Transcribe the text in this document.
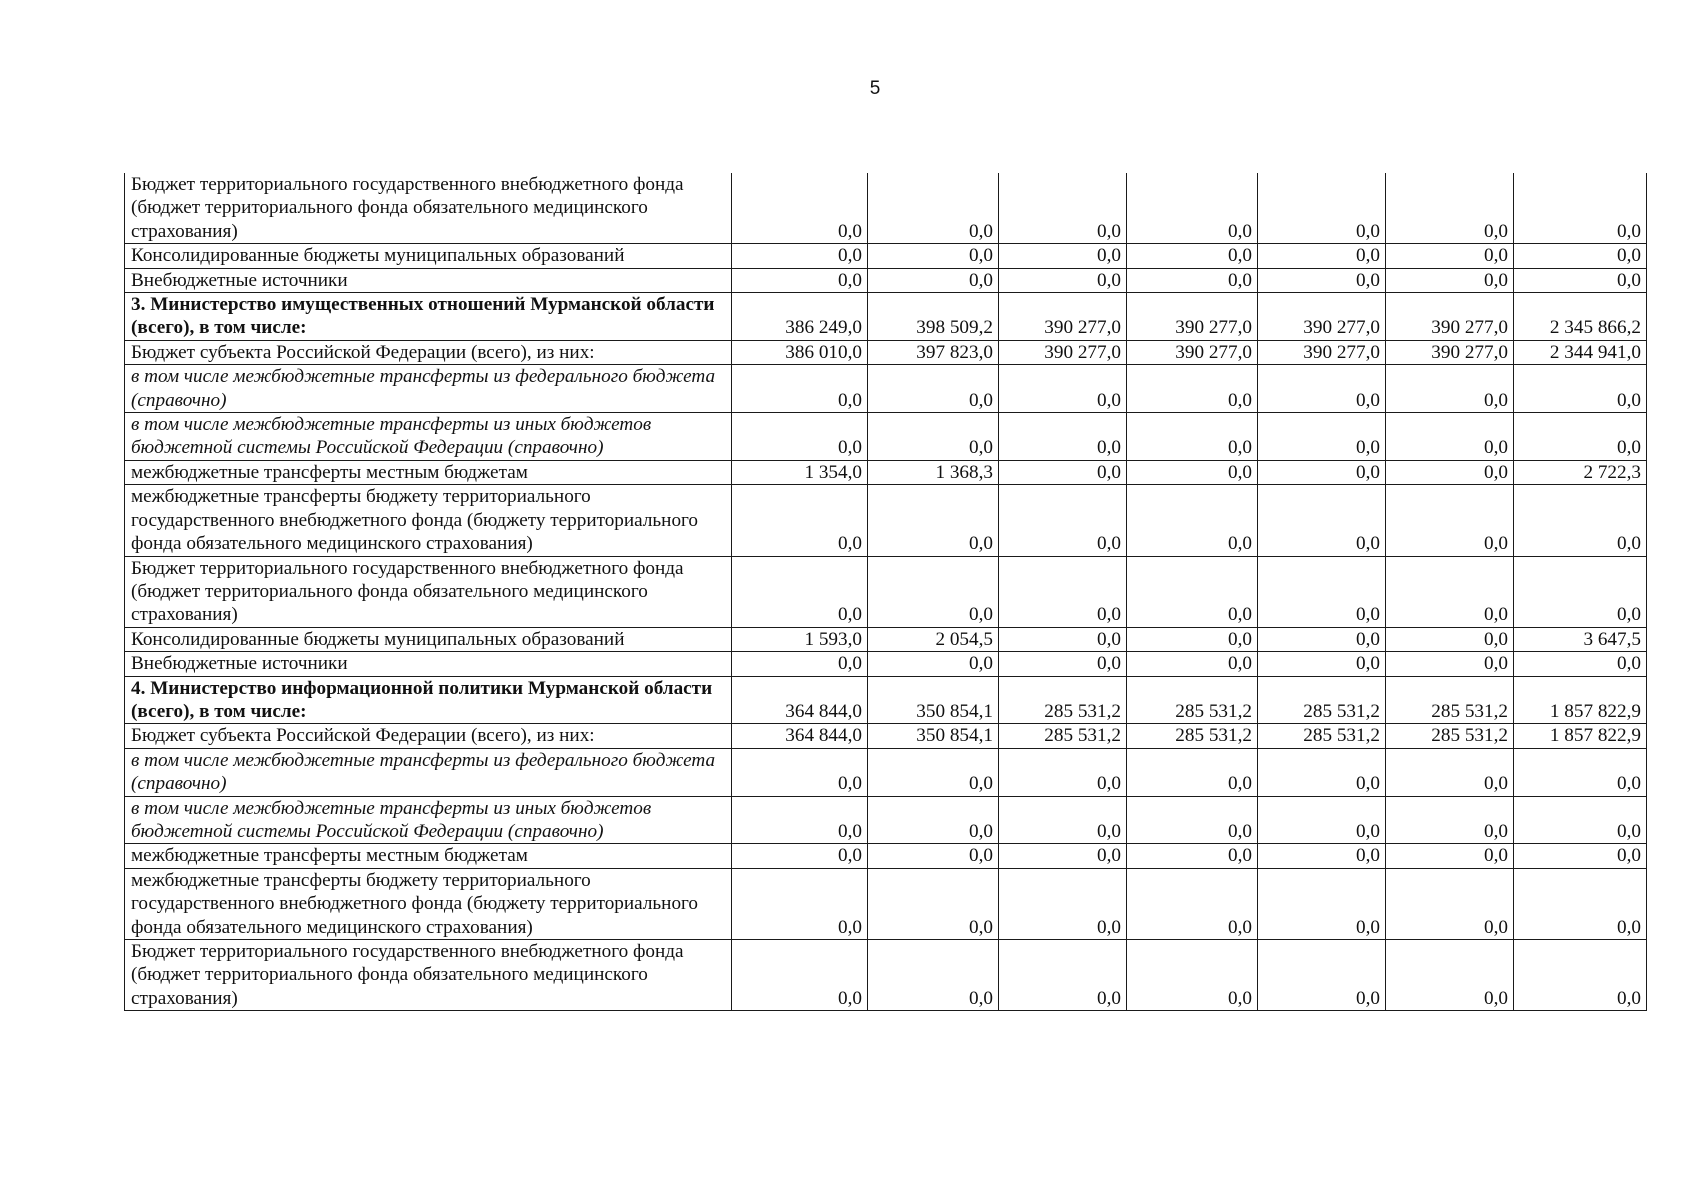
5
Бюджет территориального государственного внебюджетного фонда (бюджет территориального фонда обязательного медицинского страхования)	0,0	0,0	0,0	0,0	0,0	0,0	0,0
Консолидированные бюджеты муниципальных образований	0,0	0,0	0,0	0,0	0,0	0,0	0,0
Внебюджетные источники	0,0	0,0	0,0	0,0	0,0	0,0	0,0
3. Министерство имущественных отношений Мурманской области (всего), в том числе:	386 249,0	398 509,2	390 277,0	390 277,0	390 277,0	390 277,0	2 345 866,2
Бюджет субъекта Российской Федерации (всего), из них:	386 010,0	397 823,0	390 277,0	390 277,0	390 277,0	390 277,0	2 344 941,0
в том числе межбюджетные трансферты из федерального бюджета (справочно)	0,0	0,0	0,0	0,0	0,0	0,0	0,0
в том числе межбюджетные трансферты из иных бюджетов бюджетной системы Российской Федерации (справочно)	0,0	0,0	0,0	0,0	0,0	0,0	0,0
межбюджетные трансферты местным бюджетам	1 354,0	1 368,3	0,0	0,0	0,0	0,0	2 722,3
межбюджетные трансферты бюджету территориального государственного внебюджетного фонда (бюджету территориального фонда обязательного медицинского страхования)	0,0	0,0	0,0	0,0	0,0	0,0	0,0
Бюджет территориального государственного внебюджетного фонда (бюджет территориального фонда обязательного медицинского страхования)	0,0	0,0	0,0	0,0	0,0	0,0	0,0
Консолидированные бюджеты муниципальных образований	1 593,0	2 054,5	0,0	0,0	0,0	0,0	3 647,5
Внебюджетные источники	0,0	0,0	0,0	0,0	0,0	0,0	0,0
4. Министерство информационной политики Мурманской области (всего), в том числе:	364 844,0	350 854,1	285 531,2	285 531,2	285 531,2	285 531,2	1 857 822,9
Бюджет субъекта Российской Федерации (всего), из них:	364 844,0	350 854,1	285 531,2	285 531,2	285 531,2	285 531,2	1 857 822,9
в том числе межбюджетные трансферты из федерального бюджета (справочно)	0,0	0,0	0,0	0,0	0,0	0,0	0,0
в том числе межбюджетные трансферты из иных бюджетов бюджетной системы Российской Федерации (справочно)	0,0	0,0	0,0	0,0	0,0	0,0	0,0
межбюджетные трансферты местным бюджетам	0,0	0,0	0,0	0,0	0,0	0,0	0,0
межбюджетные трансферты бюджету территориального государственного внебюджетного фонда (бюджету территориального фонда обязательного медицинского страхования)	0,0	0,0	0,0	0,0	0,0	0,0	0,0
Бюджет территориального государственного внебюджетного фонда (бюджет территориального фонда обязательного медицинского страхования)	0,0	0,0	0,0	0,0	0,0	0,0	0,0
